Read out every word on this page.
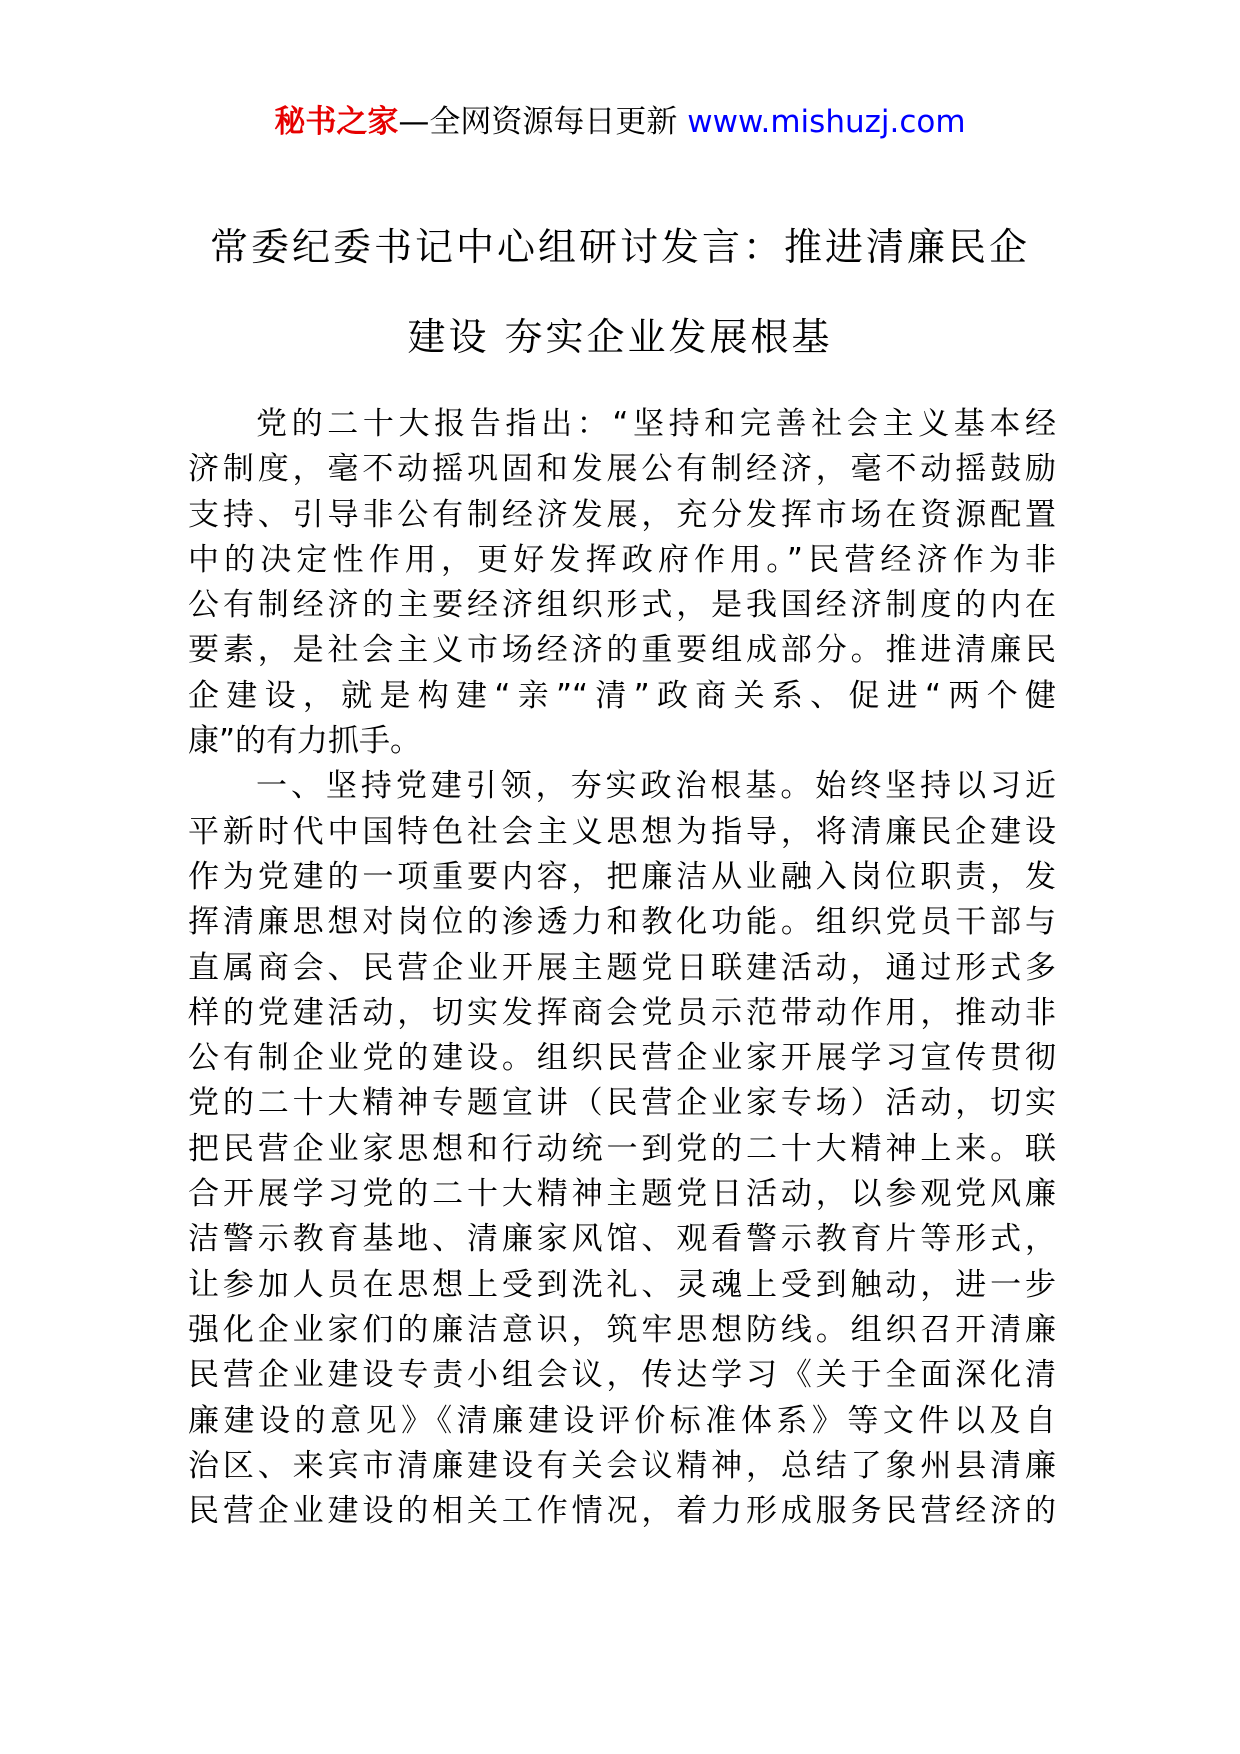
秘书之家—全网资源每日更新 www.mishuzj.com
常委纪委书记中心组研讨发言：推进清廉民企
建设 夯实企业发展根基
党的二十大报告指出：“坚持和完善社会主义基本经
济制度，毫不动摇巩固和发展公有制经济，毫不动摇鼓励
支持、引导非公有制经济发展，充分发挥市场在资源配置
中的决定性作用，更好发挥政府作用。”民营经济作为非
公有制经济的主要经济组织形式，是我国经济制度的内在
要素，是社会主义市场经济的重要组成部分。推进清廉民
企建设，就是构建“亲”“清”政商关系、促进“两个健
康”的有力抓手。
一、坚持党建引领，夯实政治根基。始终坚持以习近
平新时代中国特色社会主义思想为指导，将清廉民企建设
作为党建的一项重要内容，把廉洁从业融入岗位职责，发
挥清廉思想对岗位的渗透力和教化功能。组织党员干部与
直属商会、民营企业开展主题党日联建活动，通过形式多
样的党建活动，切实发挥商会党员示范带动作用，推动非
公有制企业党的建设。组织民营企业家开展学习宣传贯彻
党的二十大精神专题宣讲（民营企业家专场）活动，切实
把民营企业家思想和行动统一到党的二十大精神上来。联
合开展学习党的二十大精神主题党日活动，以参观党风廉
洁警示教育基地、清廉家风馆、观看警示教育片等形式，
让参加人员在思想上受到洗礼、灵魂上受到触动，进一步
强化企业家们的廉洁意识，筑牢思想防线。组织召开清廉
民营企业建设专责小组会议，传达学习《关于全面深化清
廉建设的意见》《清廉建设评价标准体系》等文件以及自
治区、来宾市清廉建设有关会议精神，总结了象州县清廉
民营企业建设的相关工作情况，着力形成服务民营经济的
